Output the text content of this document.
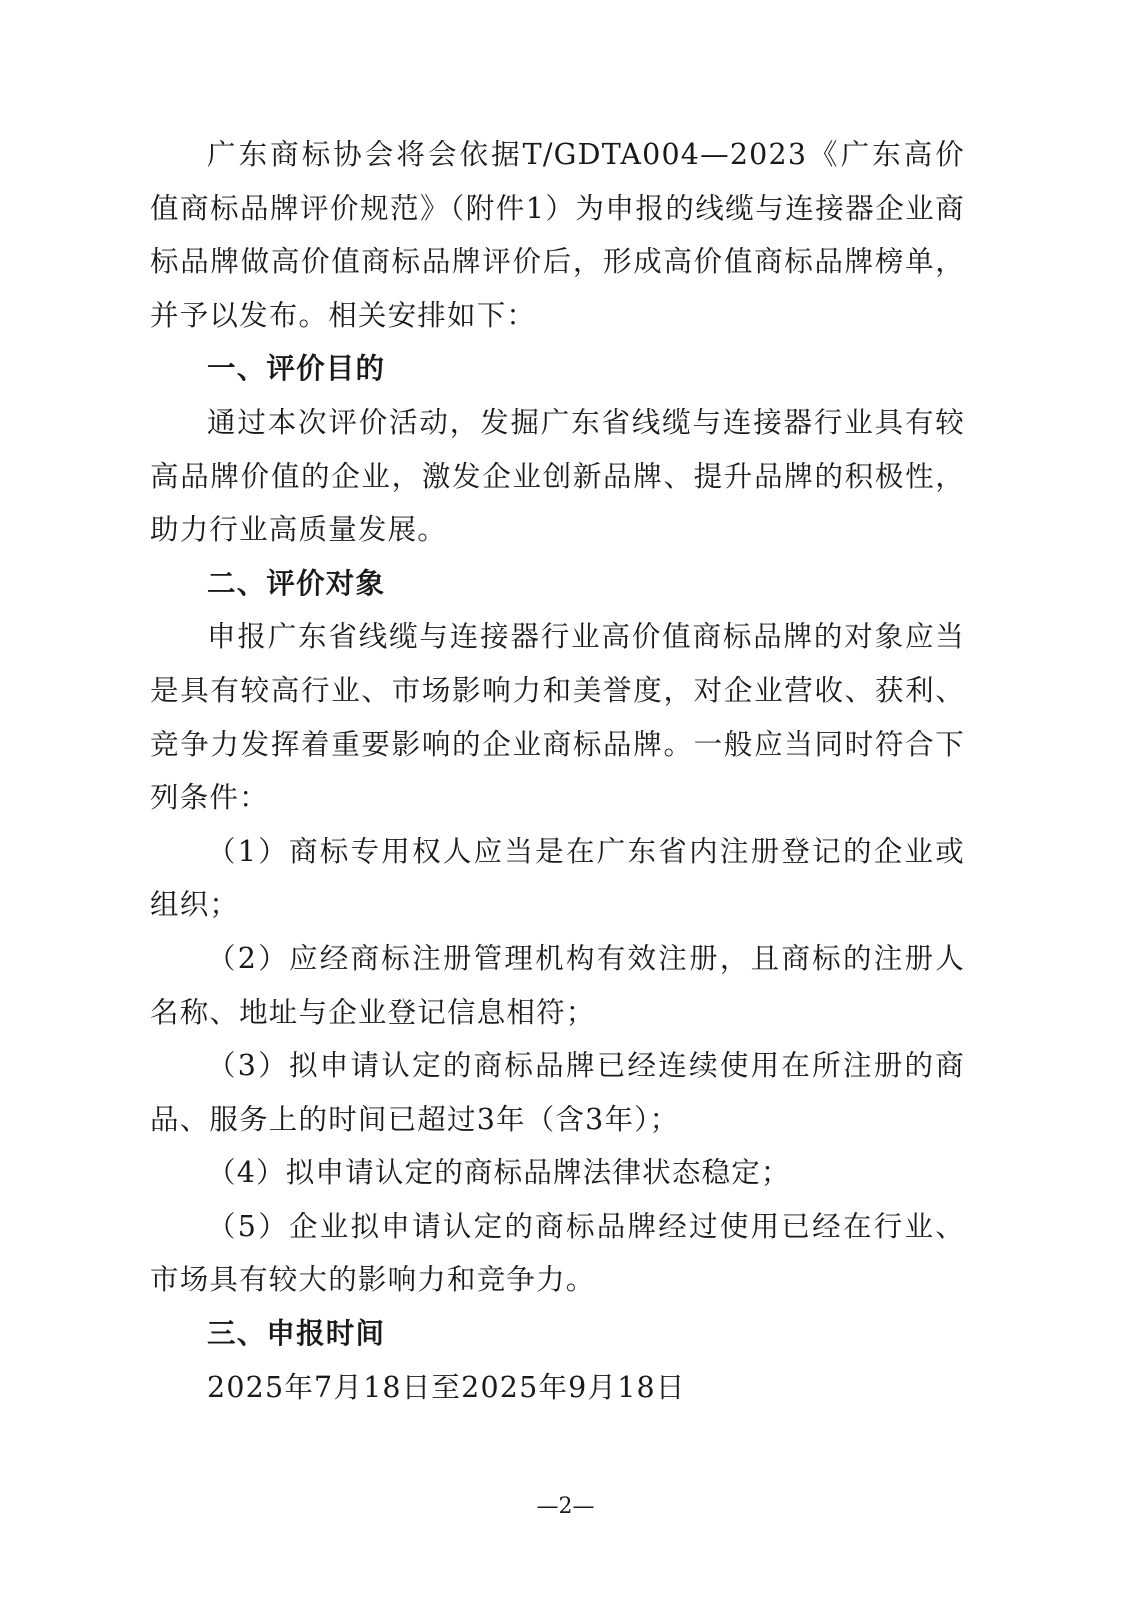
广东商标协会将会依据T/GDTA004—2023《广东高价值商标品牌评价规范》（附件1）为申报的线缆与连接器企业商标品牌做高价值商标品牌评价后，形成高价值商标品牌榜单，并予以发布。相关安排如下：

一、评价目的

通过本次评价活动，发掘广东省线缆与连接器行业具有较高品牌价值的企业，激发企业创新品牌、提升品牌的积极性，助力行业高质量发展。

二、评价对象

申报广东省线缆与连接器行业高价值商标品牌的对象应当是具有较高行业、市场影响力和美誉度，对企业营收、获利、竞争力发挥着重要影响的企业商标品牌。一般应当同时符合下列条件：

（1）商标专用权人应当是在广东省内注册登记的企业或组织；

（2）应经商标注册管理机构有效注册，且商标的注册人名称、地址与企业登记信息相符；

（3）拟申请认定的商标品牌已经连续使用在所注册的商品、服务上的时间已超过3年（含3年）；

（4）拟申请认定的商标品牌法律状态稳定；

（5）企业拟申请认定的商标品牌经过使用已经在行业、市场具有较大的影响力和竞争力。

三、申报时间

2025年7月18日至2025年9月18日

—2—
